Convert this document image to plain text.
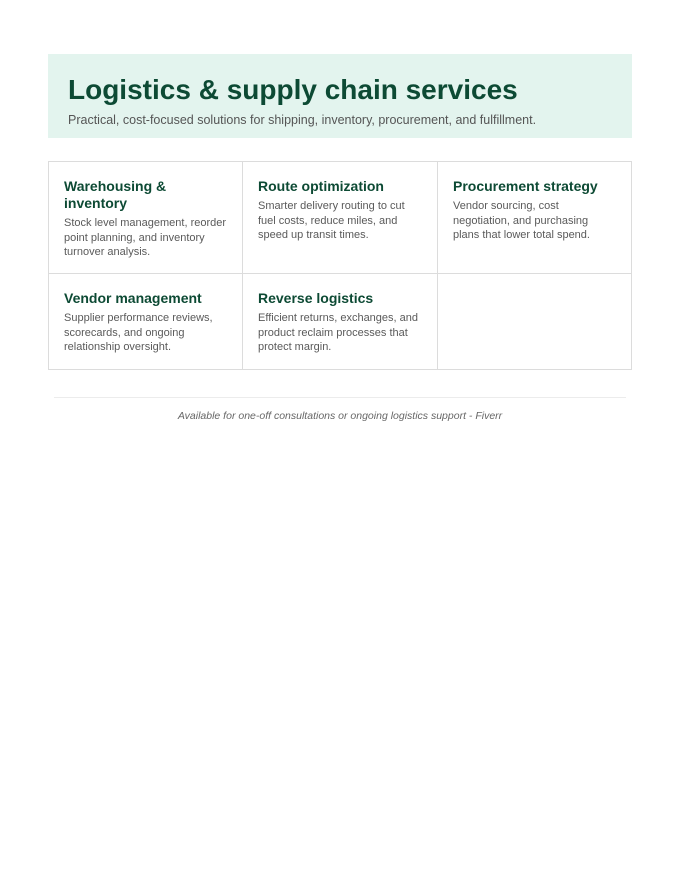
Logistics & supply chain services

Practical, cost-focused solutions for shipping, inventory, procurement, and fulfillment.

Warehousing & inventory

Stock level management, reorder point planning, and inventory turnover analysis.

Route optimization

Smarter delivery routing to cut fuel costs, reduce miles, and speed up transit times.

Procurement strategy

Vendor sourcing, cost negotiation, and purchasing plans that lower total spend.

Vendor management

Supplier performance reviews, scorecards, and ongoing relationship oversight.

Reverse logistics

Efficient returns, exchanges, and product reclaim processes that protect margin.

Available for one-off consultations or ongoing logistics support - Fiverr
